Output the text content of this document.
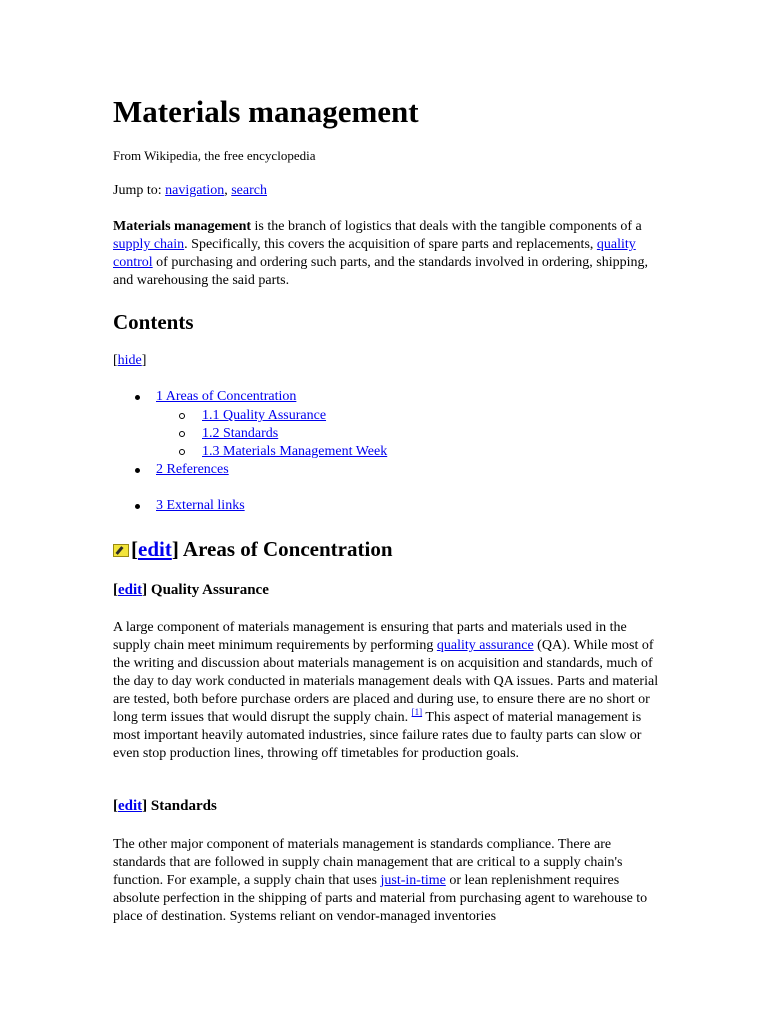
Materials management
From Wikipedia, the free encyclopedia
Jump to: navigation, search

Materials management is the branch of logistics that deals with the tangible components of a supply chain. Specifically, this covers the acquisition of spare parts and replacements, quality control of purchasing and ordering such parts, and the standards involved in ordering, shipping, and warehousing the said parts.

Contents
[hide]
1 Areas of Concentration
1.1 Quality Assurance
1.2 Standards
1.3 Materials Management Week
2 References
3 External links
[edit] Areas of Concentration
[edit] Quality Assurance

A large component of materials management is ensuring that parts and materials used in the supply chain meet minimum requirements by performing quality assurance (QA). While most of the writing and discussion about materials management is on acquisition and standards, much of the day to day work conducted in materials management deals with QA issues. Parts and material are tested, both before purchase orders are placed and during use, to ensure there are no short or long term issues that would disrupt the supply chain. [1] This aspect of material management is most important heavily automated industries, since failure rates due to faulty parts can slow or even stop production lines, throwing off timetables for production goals.

[edit] Standards

The other major component of materials management is standards compliance. There are standards that are followed in supply chain management that are critical to a supply chain's function. For example, a supply chain that uses just-in-time or lean replenishment requires absolute perfection in the shipping of parts and material from purchasing agent to warehouse to place of destination. Systems reliant on vendor-managed inventories
